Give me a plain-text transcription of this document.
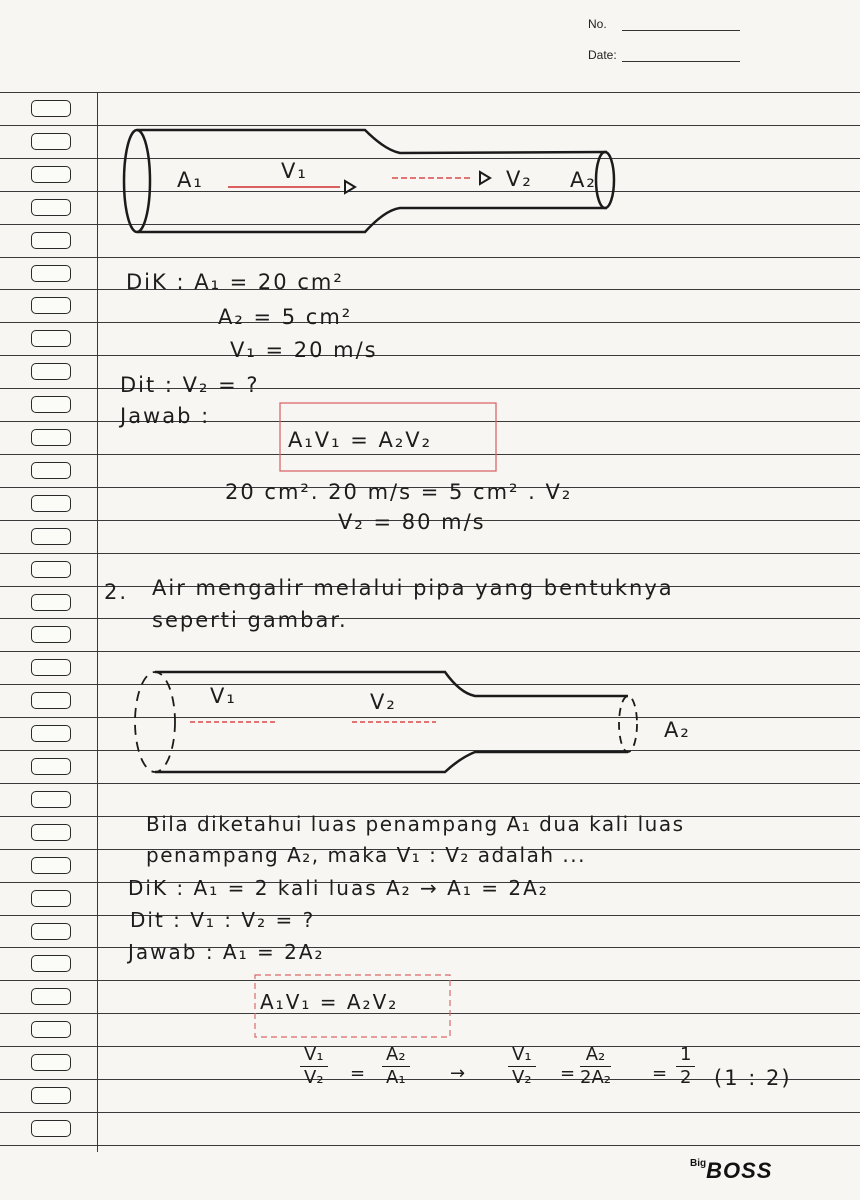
No.
Date:
A₁	V₁	V₂ A₂
DiK : A₁ = 20 cm²
A₂ = 5 cm²
V₁ = 20 m/s
Dit : V₂ = ?
Jawab :
A₁V₁ = A₂V₂
20 cm². 20 m/s = 5 cm² . V₂
V₂ = 80 m/s
2. Air mengalir melalui pipa yang bentuknya
seperti gambar.
V₁	V₂
A₂
Bila diketahui luas penampang A₁ dua kali luas
penampang A₂, maka V₁ : V₂ adalah ...
DiK : A₁ = 2 kali luas A₂ → A₁ = 2A₂
Dit : V₁ : V₂ = ?
Jawab : A₁ = 2A₂
A₁V₁ = A₂V₂
$\frac{\text{V₁}}{\text{V₂}} = \frac{\text{A₂}}{\text{A₁}} \to \frac{\text{V₁}}{\text{V₂}} = \frac{\text{A₂}}{\text{2A₂}} = \frac{1}{2} (1$ : 2)
$^{Big}$BOSS
